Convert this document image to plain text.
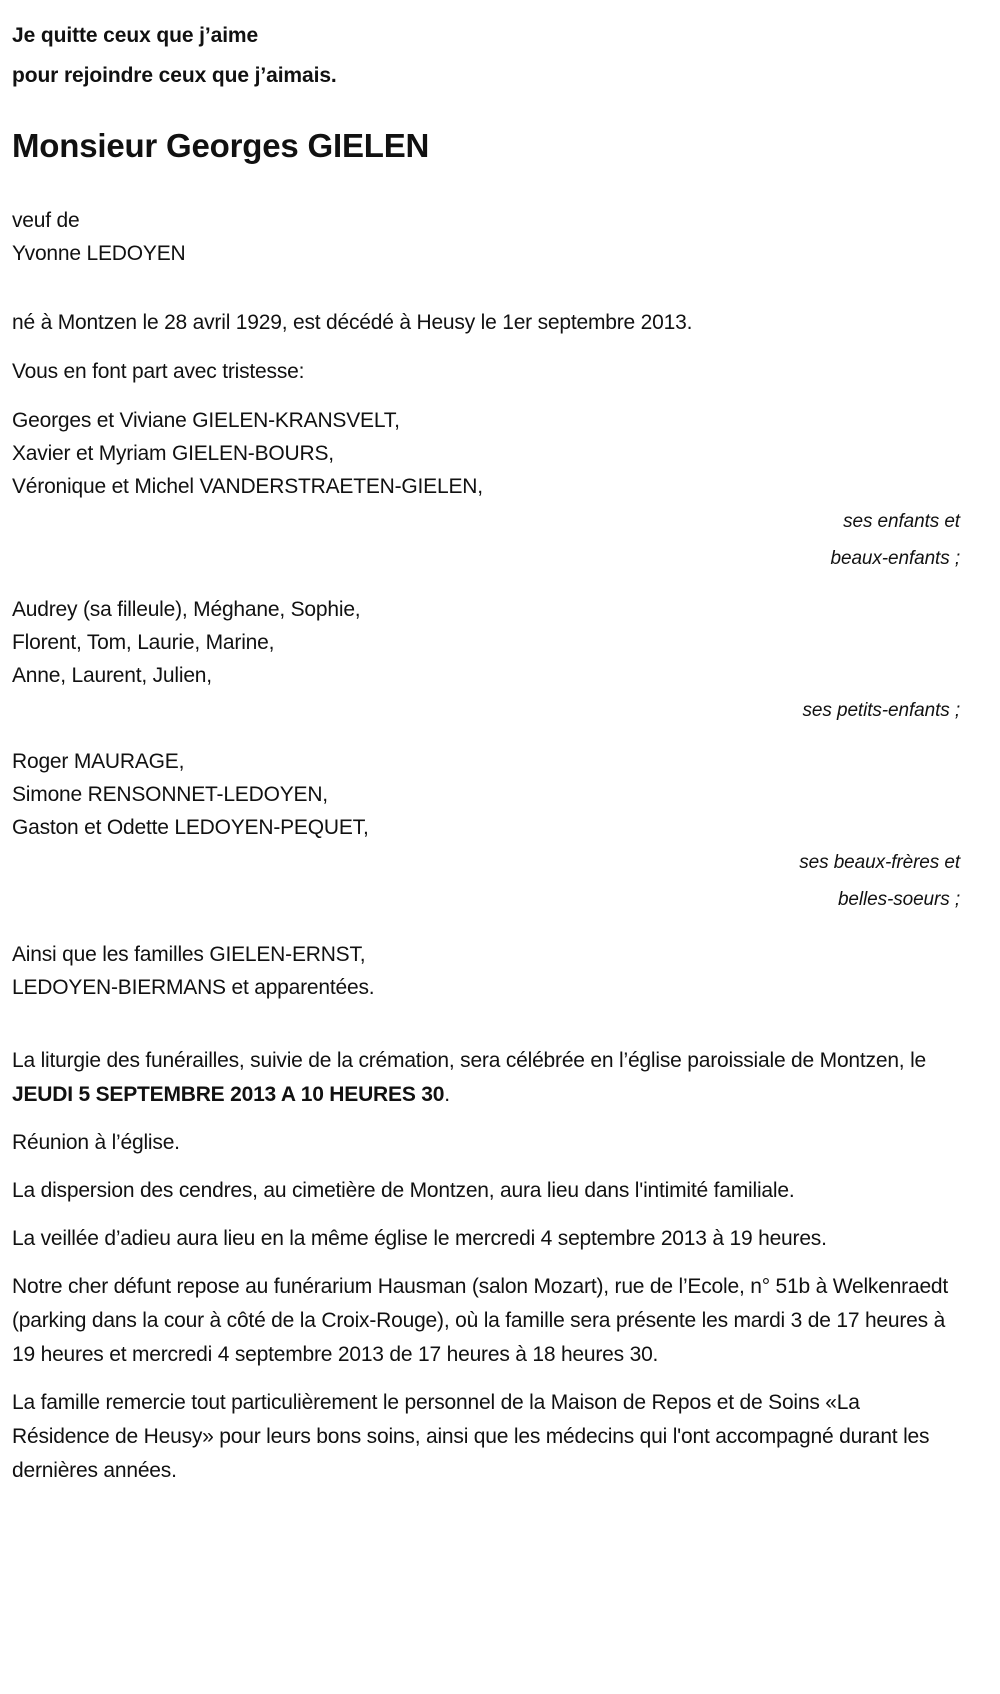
Je quitte ceux que j’aime
pour rejoindre ceux que j’aimais.
Monsieur Georges GIELEN
veuf de
Yvonne LEDOYEN
né à Montzen le 28 avril 1929, est décédé à Heusy le 1er septembre 2013.
Vous en font part avec tristesse:
Georges et Viviane GIELEN-KRANSVELT,
Xavier et Myriam GIELEN-BOURS,
Véronique et Michel VANDERSTRAETEN-GIELEN,
ses enfants et
beaux-enfants ;
Audrey (sa filleule), Méghane, Sophie,
Florent, Tom, Laurie, Marine,
Anne, Laurent, Julien,
ses petits-enfants ;
Roger MAURAGE,
Simone RENSONNET-LEDOYEN,
Gaston et Odette LEDOYEN-PEQUET,
ses beaux-frères et
belles-soeurs ;
Ainsi que les familles GIELEN-ERNST,
LEDOYEN-BIERMANS et apparentées.
La liturgie des funérailles, suivie de la crémation, sera célébrée en l’église paroissiale de Montzen, le JEUDI 5 SEPTEMBRE 2013 A 10 HEURES 30.
Réunion à l’église.
La dispersion des cendres, au cimetière de Montzen, aura lieu dans l'intimité familiale.
La veillée d’adieu aura lieu en la même église le mercredi 4 septembre 2013 à 19 heures.
Notre cher défunt repose au funérarium Hausman (salon Mozart), rue de l’Ecole, n° 51b à Welkenraedt (parking dans la cour à côté de la Croix-Rouge), où la famille sera présente les mardi 3 de 17 heures à 19 heures et mercredi 4 septembre 2013 de 17 heures à 18 heures 30.
La famille remercie tout particulièrement le personnel de la Maison de Repos et de Soins «La Résidence de Heusy» pour leurs bons soins, ainsi que les médecins qui l'ont accompagné durant les dernières années.
